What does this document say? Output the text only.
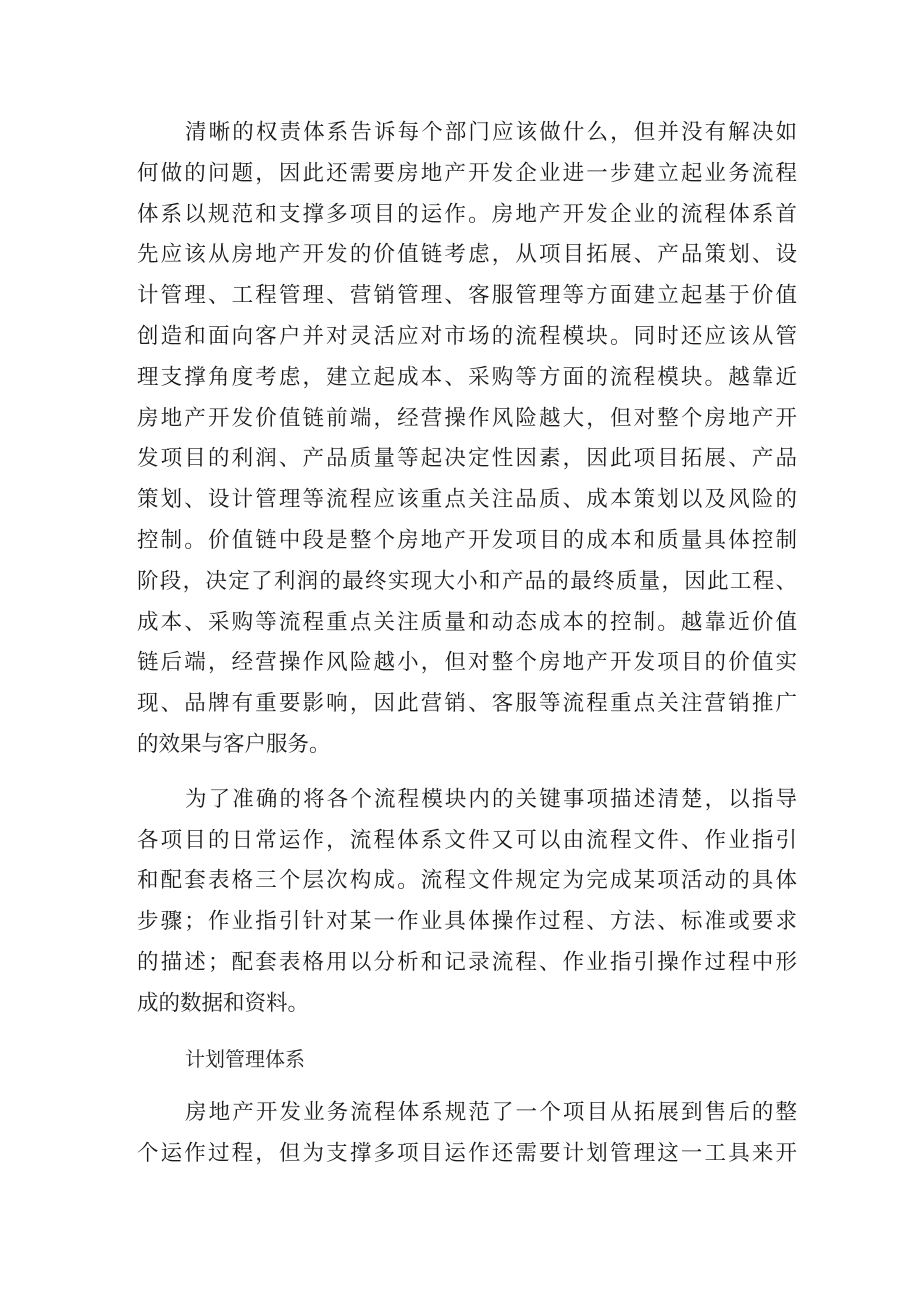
清晰的权责体系告诉每个部门应该做什么，但并没有解决如
何做的问题，因此还需要房地产开发企业进一步建立起业务流程
体系以规范和支撑多项目的运作。房地产开发企业的流程体系首
先应该从房地产开发的价值链考虑，从项目拓展、产品策划、设
计管理、工程管理、营销管理、客服管理等方面建立起基于价值
创造和面向客户并对灵活应对市场的流程模块。同时还应该从管
理支撑角度考虑，建立起成本、采购等方面的流程模块。越靠近
房地产开发价值链前端，经营操作风险越大，但对整个房地产开
发项目的利润、产品质量等起决定性因素，因此项目拓展、产品
策划、设计管理等流程应该重点关注品质、成本策划以及风险的
控制。价值链中段是整个房地产开发项目的成本和质量具体控制
阶段，决定了利润的最终实现大小和产品的最终质量，因此工程、
成本、采购等流程重点关注质量和动态成本的控制。越靠近价值
链后端，经营操作风险越小，但对整个房地产开发项目的价值实
现、品牌有重要影响，因此营销、客服等流程重点关注营销推广
的效果与客户服务。
为了准确的将各个流程模块内的关键事项描述清楚，以指导
各项目的日常运作，流程体系文件又可以由流程文件、作业指引
和配套表格三个层次构成。流程文件规定为完成某项活动的具体
步骤；作业指引针对某一作业具体操作过程、方法、标准或要求
的描述；配套表格用以分析和记录流程、作业指引操作过程中形
成的数据和资料。
计划管理体系
房地产开发业务流程体系规范了一个项目从拓展到售后的整
个运作过程，但为支撑多项目运作还需要计划管理这一工具来开
